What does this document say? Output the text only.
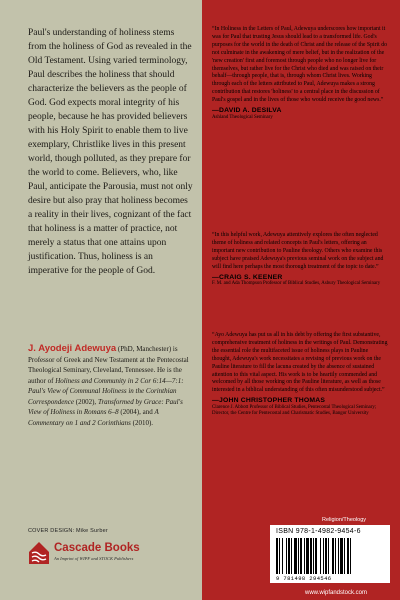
Paul's understanding of holiness stems from the holiness of God as revealed in the Old Testament. Using varied terminology, Paul describes the holiness that should characterize the believers as the people of God. God expects moral integrity of his people, because he has provided believers with his Holy Spirit to enable them to live exemplary, Christlike lives in this present world, though polluted, as they prepare for the world to come. Believers, who, like Paul, anticipate the Parousia, must not only desire but also pray that holiness becomes a reality in their lives, cognizant of the fact that holiness is a matter of practice, not merely a status that one attains upon justification. Thus, holiness is an imperative for the people of God.

J. Ayodeji Adewuya (PhD, Manchester) is Professor of Greek and New Testament at the Pentecostal Theological Seminary, Cleveland, Tennessee. He is the author of Holiness and Community in 2 Cor 6:14—7:1: Paul's View of Communal Holiness in the Corinthian Correspondence (2002), Transformed by Grace: Paul's View of Holiness in Romans 6–8 (2004), and A Commentary on 1 and 2 Corinthians (2010).

COVER DESIGN: Mike Surber
Cascade Books
An Imprint of WIPF and STOCK Publishers

“In Holiness in the Letters of Paul, Adewuya underscores how important it was for Paul that trusting Jesus should lead to a transformed life. God's purposes for the world in the death of Christ and the release of the Spirit do not culminate in the awakening of mere belief, but in the realization of the 'new creation' first and foremost through people who no longer live for themselves, but rather live for the Christ who died and was raised on their behalf—through people, that is, through whom Christ lives. Working through each of the letters attributed to Paul, Adewuya makes a strong contribution that restores 'holiness' to a central place in the discussion of Paul's gospel and in the lives of those who would receive the good news.”

—DAVID A. DESILVA

Ashland Theological Seminary

“In this helpful work, Adewuya attentively explores the often neglected theme of holiness and related concepts in Paul's letters, offering an important new contribution to Pauline theology. Others who examine this subject have praised Adewuya's previous seminal work on the subject and will find here perhaps the most thorough treatment of the topic to date.”

—CRAIG S. KEENER

F. M. and Ada Thompson Professor of Biblical Studies, Asbury Theological Seminary

“Ayo Adewuya has put us all in his debt by offering the first substantive, comprehensive treatment of holiness in the writings of Paul. Demonstrating the essential role the multifaceted issue of holiness plays in Pauline thought, Adewuya's work necessitates a revising of previous work on the Pauline literature to fill the lacuna created by the absence of sustained attention to this vital aspect. His work is to be heartily commended and welcomed by all those working on the Pauline literature, as well as those interested in a biblical understanding of this often misunderstood subject.”

—JOHN CHRISTOPHER THOMAS

Clarence J. Abbott Professor of Biblical Studies, Pentecostal Theological Seminary; Director, the Centre for Pentecostal and Charismatic Studies, Bangor University

Religion/Theology
ISBN 978-1-4982-9454-6
9 781498 294546
www.wipfandstock.com
